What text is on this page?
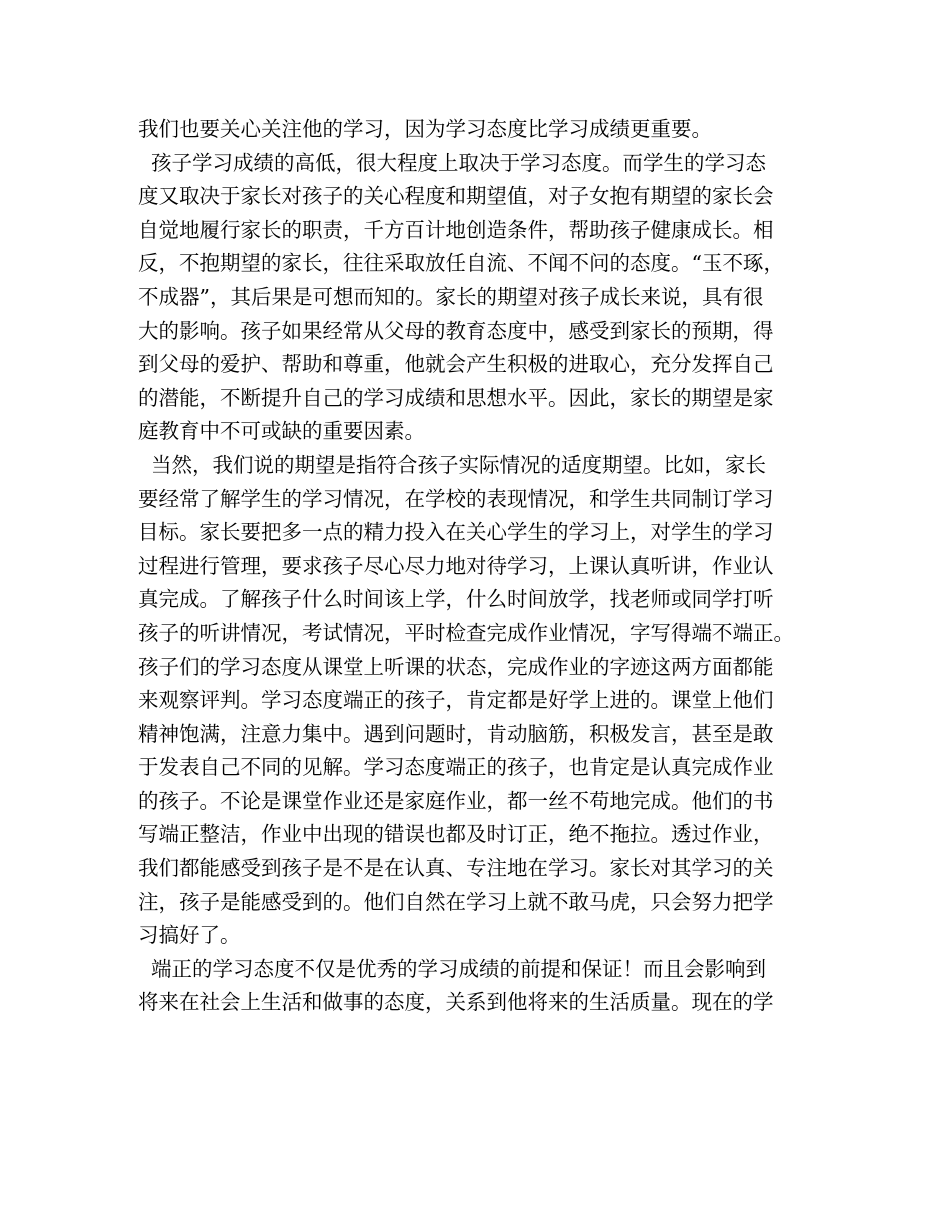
我们也要关心关注他的学习，因为学习态度比学习成绩更重要。
孩子学习成绩的高低，很大程度上取决于学习态度。而学生的学习态
度又取决于家长对孩子的关心程度和期望值，对子女抱有期望的家长会
自觉地履行家长的职责，千方百计地创造条件，帮助孩子健康成长。相
反，不抱期望的家长，往往采取放任自流、不闻不问的态度。“玉不琢，
不成器”，其后果是可想而知的。家长的期望对孩子成长来说，具有很
大的影响。孩子如果经常从父母的教育态度中，感受到家长的预期，得
到父母的爱护、帮助和尊重，他就会产生积极的进取心，充分发挥自己
的潜能，不断提升自己的学习成绩和思想水平。因此，家长的期望是家
庭教育中不可或缺的重要因素。
当然，我们说的期望是指符合孩子实际情况的适度期望。比如，家长
要经常了解学生的学习情况，在学校的表现情况，和学生共同制订学习
目标。家长要把多一点的精力投入在关心学生的学习上，对学生的学习
过程进行管理，要求孩子尽心尽力地对待学习，上课认真听讲，作业认
真完成。了解孩子什么时间该上学，什么时间放学，找老师或同学打听
孩子的听讲情况，考试情况，平时检查完成作业情况，字写得端不端正。
孩子们的学习态度从课堂上听课的状态，完成作业的字迹这两方面都能
来观察评判。学习态度端正的孩子，肯定都是好学上进的。课堂上他们
精神饱满，注意力集中。遇到问题时，肯动脑筋，积极发言，甚至是敢
于发表自己不同的见解。学习态度端正的孩子，也肯定是认真完成作业
的孩子。不论是课堂作业还是家庭作业，都一丝不苟地完成。他们的书
写端正整洁，作业中出现的错误也都及时订正，绝不拖拉。透过作业，
我们都能感受到孩子是不是在认真、专注地在学习。家长对其学习的关
注，孩子是能感受到的。他们自然在学习上就不敢马虎，只会努力把学
习搞好了。
端正的学习态度不仅是优秀的学习成绩的前提和保证！而且会影响到
将来在社会上生活和做事的态度，关系到他将来的生活质量。现在的学
